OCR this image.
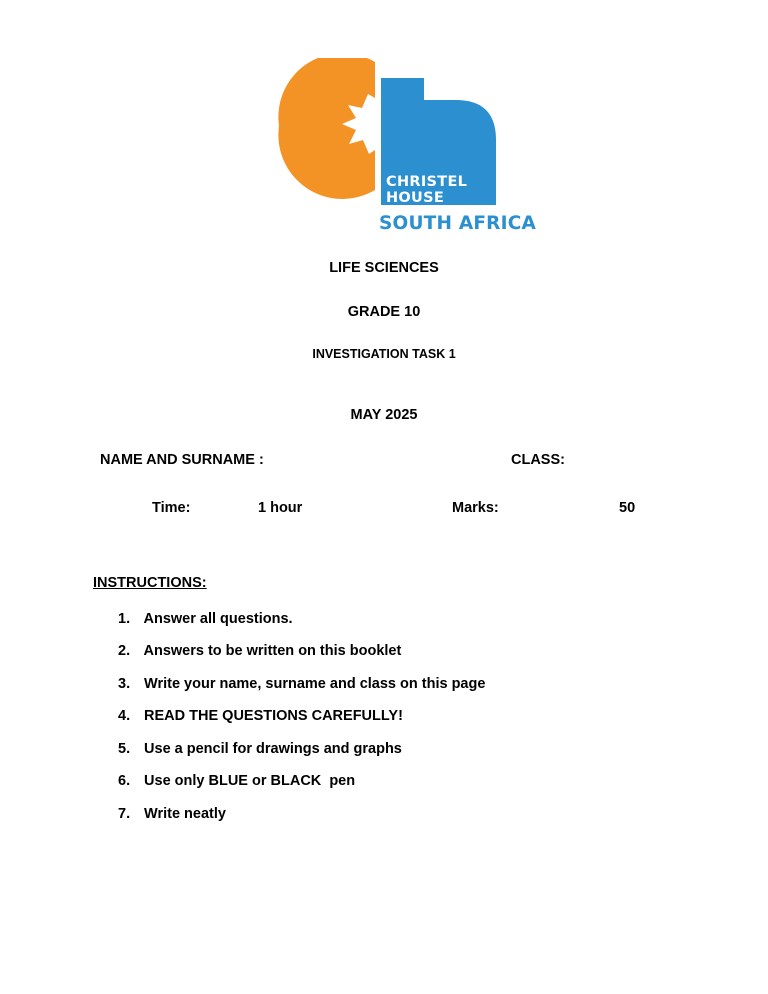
CHRISTEL
HOUSE
SOUTH AFRICA
LIFE SCIENCES
GRADE 10
INVESTIGATION TASK 1
MAY 2025
NAME AND SURNAME :	CLASS:
Time:	1 hour	Marks:	50
INSTRUCTIONS:
1. Answer all questions.
2. Answers to be written on this booklet
3. Write your name, surname and class on this page
4. READ THE QUESTIONS CAREFULLY!
5. Use a pencil for drawings and graphs
6. Use only BLUE or BLACK  pen
7. Write neatly
